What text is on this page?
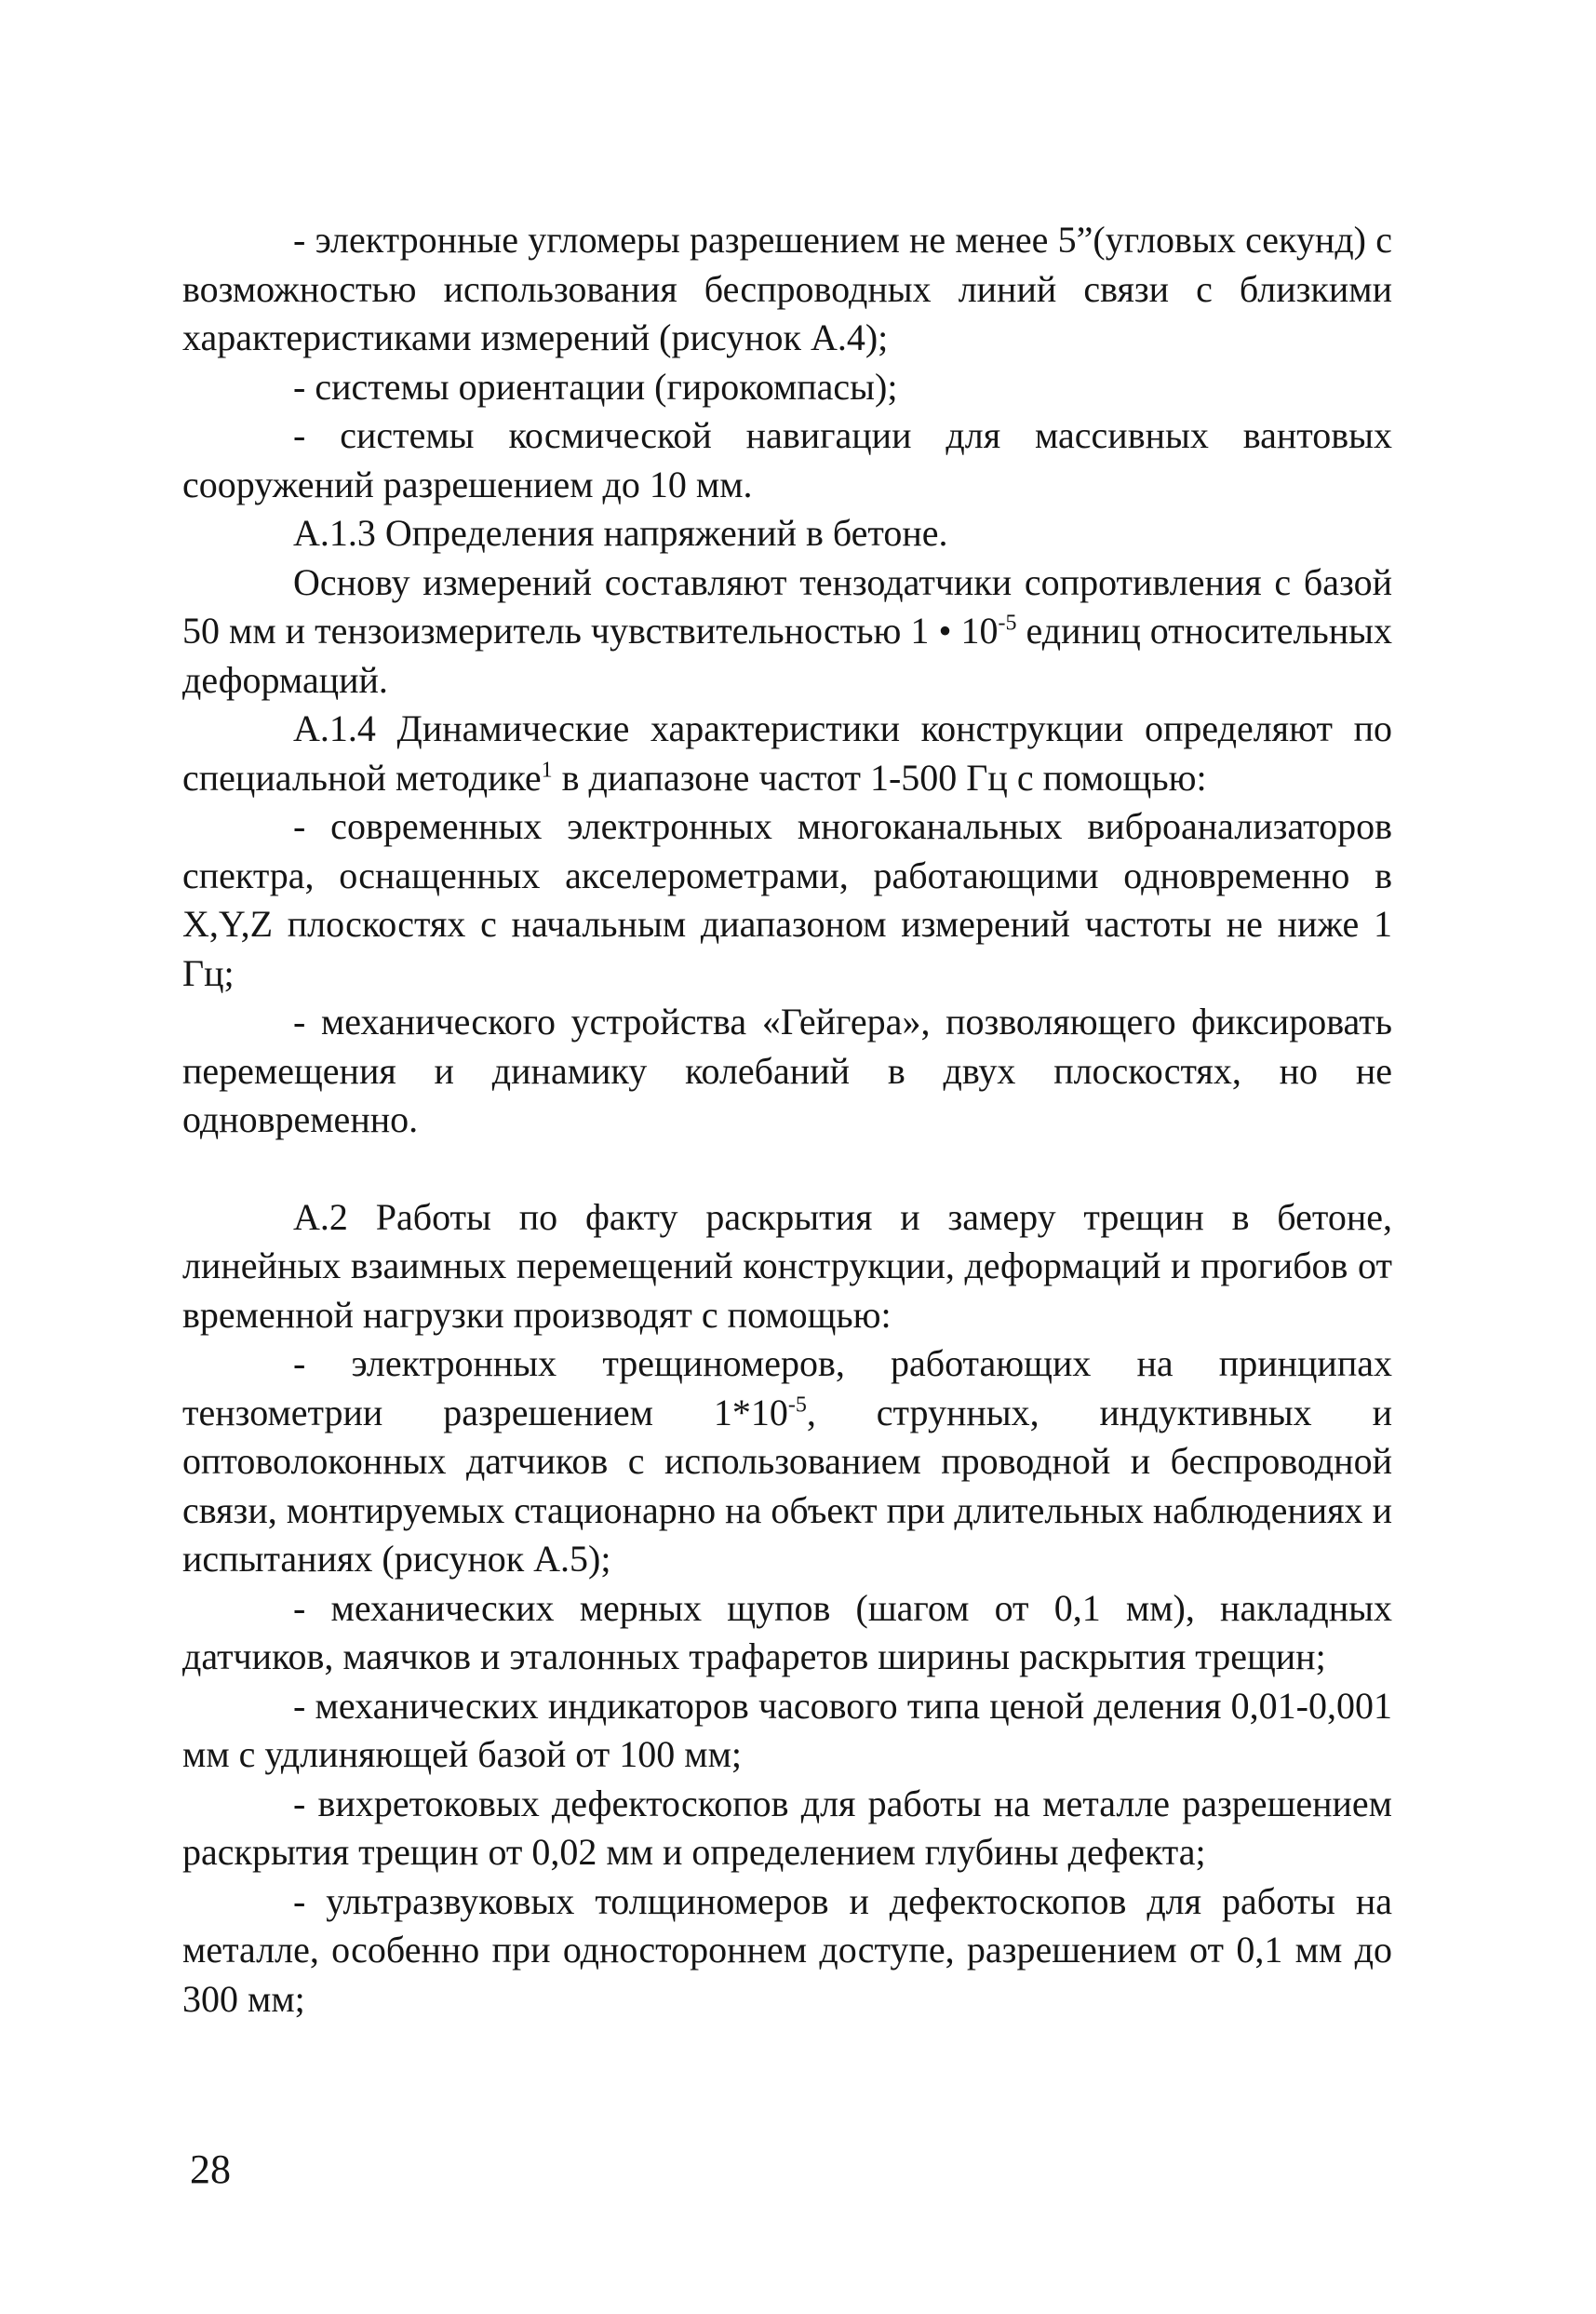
- электронные угломеры разрешением не менее 5”(угловых секунд) с возможностью использования беспроводных линий связи с близкими характеристиками измерений (рисунок А.4);

- системы ориентации (гирокомпасы);

- системы космической навигации для массивных вантовых сооружений разрешением до 10 мм.

А.1.3 Определения напряжений в бетоне.

Основу измерений составляют тензодатчики сопротивления с базой 50 мм и тензоизмеритель чувствительностью 1 • $10^{-5}$ единиц относительных деформаций.

А.1.4 Динамические характеристики конструкции определяют по специальной методике$^1$ в диапазоне частот 1-500 Гц с помощью:

- современных электронных многоканальных виброанализаторов спектра, оснащенных акселерометрами, работающими одновременно в X,Y,Z плоскостях с начальным диапазоном измерений частоты не ниже 1 Гц;

- механического устройства «Гейгера», позволяющего фиксировать перемещения и динамику колебаний в двух плоскостях, но не одновременно.

А.2 Работы по факту раскрытия и замеру трещин в бетоне, линейных взаимных перемещений конструкции, деформаций и прогибов от временной нагрузки производят с помощью:

- электронных трещиномеров, работающих на принципах тензометрии разрешением $1*10^{-5}$, струнных, индуктивных и оптоволоконных датчиков с использованием проводной и беспроводной связи, монтируемых стационарно на объект при длительных наблюдениях и испытаниях (рисунок А.5);

- механических мерных щупов (шагом от 0,1 мм), накладных датчиков, маячков и эталонных трафаретов ширины раскрытия трещин;

- механических индикаторов часового типа ценой деления 0,01-0,001 мм с удлиняющей базой от 100 мм;

- вихретоковых дефектоскопов для работы на металле разрешением раскрытия трещин от 0,02 мм и определением глубины дефекта;

- ультразвуковых толщиномеров и дефектоскопов для работы на металле, особенно при одностороннем доступе, разрешением от 0,1 мм до 300 мм;

28
